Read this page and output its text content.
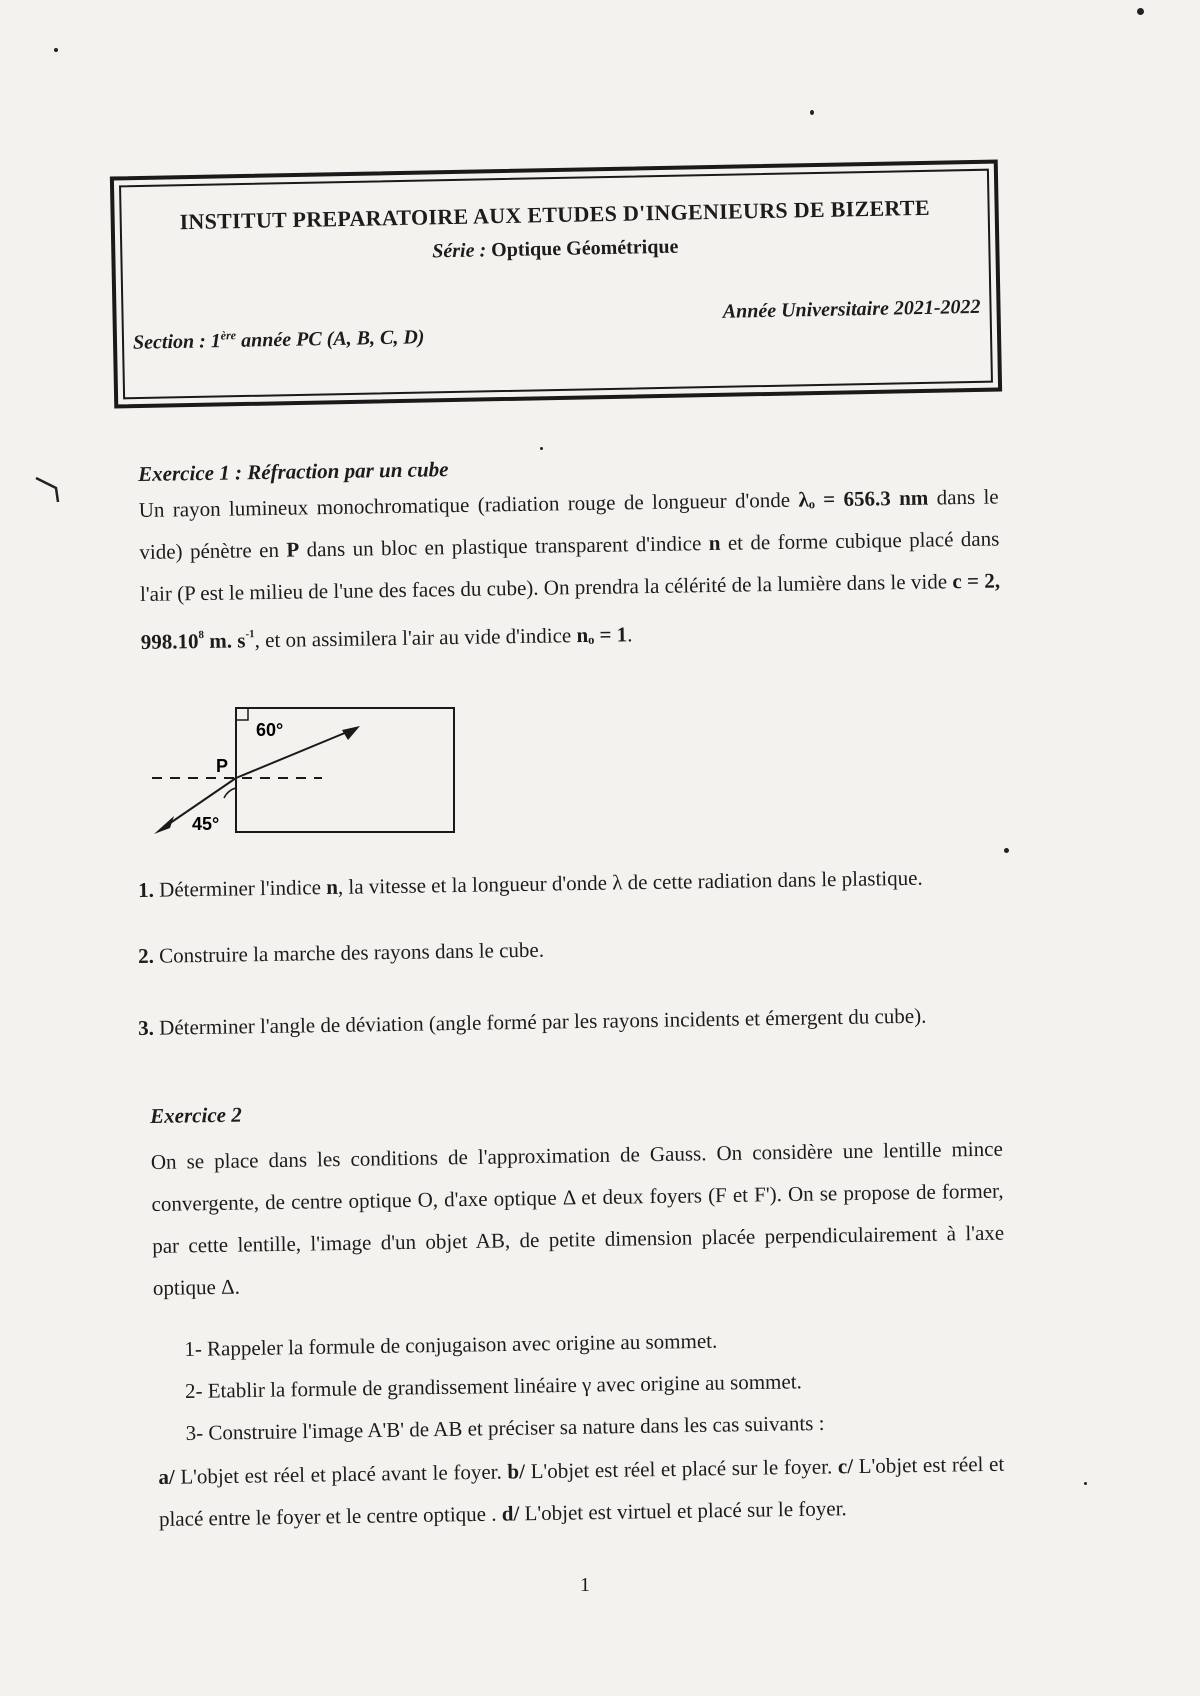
INSTITUT PREPARATOIRE AUX ETUDES D'INGENIEURS DE BIZERTE
Série : Optique Géométrique
Année Universitaire 2021-2022
Section : 1ère année PC (A, B, C, D)

Exercice 1 : Réfraction par un cube

Un rayon lumineux monochromatique (radiation rouge de longueur d'onde λₒ = 656.3 nm dans le vide) pénètre en P dans un bloc en plastique transparent d'indice n et de forme cubique placé dans l'air (P est le milieu de l'une des faces du cube). On prendra la célérité de la lumière dans le vide c = 2, 998.10$^8$ m. $s^{-1}$, et on assimilera l'air au vide d'indice nₒ = 1.

60°
45°
P

1. Déterminer l'indice n, la vitesse et la longueur d'onde λ de cette radiation dans le plastique.

2. Construire la marche des rayons dans le cube.

3. Déterminer l'angle de déviation (angle formé par les rayons incidents et émergent du cube).

Exercice 2

On se place dans les conditions de l'approximation de Gauss. On considère une lentille mince convergente, de centre optique O, d'axe optique Δ et deux foyers (F et F'). On se propose de former, par cette lentille, l'image d'un objet AB, de petite dimension placée perpendiculairement à l'axe optique Δ.

1- Rappeler la formule de conjugaison avec origine au sommet.

2- Etablir la formule de grandissement linéaire γ avec origine au sommet.

3- Construire l'image A'B' de AB et préciser sa nature dans les cas suivants :

a/ L'objet est réel et placé avant le foyer. b/ L'objet est réel et placé sur le foyer. c/ L'objet est réel et placé entre le foyer et le centre optique . d/ L'objet est virtuel et placé sur le foyer.

1
